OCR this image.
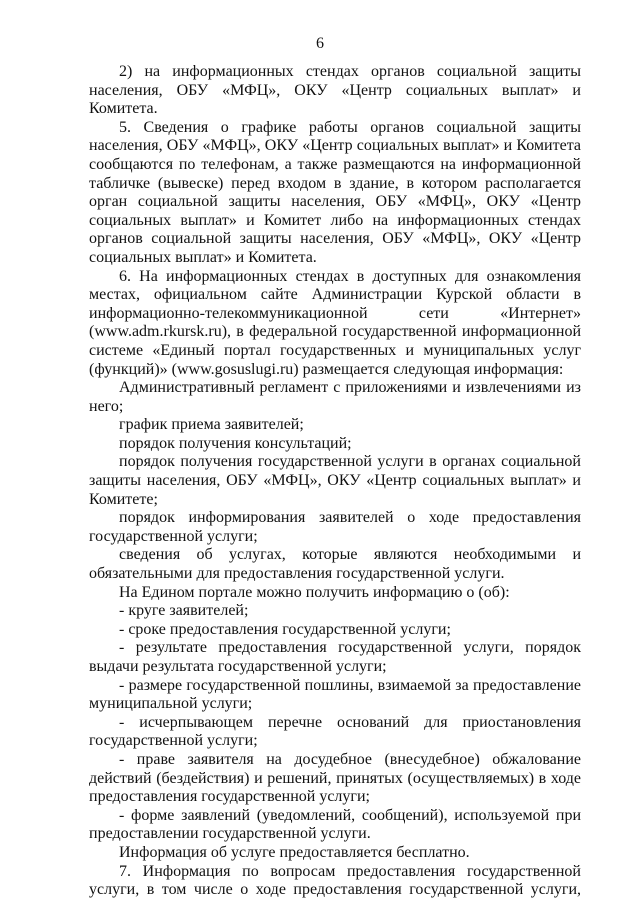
6

2) на информационных стендах органов социальной защиты населения, ОБУ «МФЦ», ОКУ «Центр социальных выплат» и Комитета.

5. Сведения о графике работы органов социальной защиты населения, ОБУ «МФЦ», ОКУ «Центр социальных выплат» и Комитета сообщаются по телефонам, а также размещаются на информационной табличке (вывеске) перед входом в здание, в котором располагается орган социальной защиты населения, ОБУ «МФЦ», ОКУ «Центр социальных выплат» и Комитет либо на информационных стендах органов социальной защиты населения, ОБУ «МФЦ», ОКУ «Центр социальных выплат» и Комитета.

6. На информационных стендах в доступных для ознакомления местах, официальном сайте Администрации Курской области в информационно-телекоммуникационной сети «Интернет» (www.adm.rkursk.ru), в федеральной государственной информационной системе «Единый портал государственных и муниципальных услуг (функций)» (www.gosuslugi.ru) размещается следующая информация:

Административный регламент с приложениями и извлечениями из него;

график приема заявителей;

порядок получения консультаций;

порядок получения государственной услуги в органах социальной защиты населения, ОБУ «МФЦ», ОКУ «Центр социальных выплат» и Комитете;

порядок информирования заявителей о ходе предоставления государственной услуги;

сведения об услугах, которые являются необходимыми и обязательными для предоставления государственной услуги.

На Едином портале можно получить информацию о (об):

- круге заявителей;

- сроке предоставления государственной услуги;

- результате предоставления государственной услуги, порядок выдачи результата государственной услуги;

- размере государственной пошлины, взимаемой за предоставление муниципальной услуги;

- исчерпывающем перечне оснований для приостановления государственной услуги;

- праве заявителя на досудебное (внесудебное) обжалование действий (бездействия) и решений, принятых (осуществляемых) в ходе предоставления государственной услуги;

- форме заявлений (уведомлений, сообщений), используемой при предоставлении государственной услуги.

Информация об услуге предоставляется бесплатно.

7. Информация по вопросам предоставления государственной услуги, в том числе о ходе предоставления государственной услуги,
